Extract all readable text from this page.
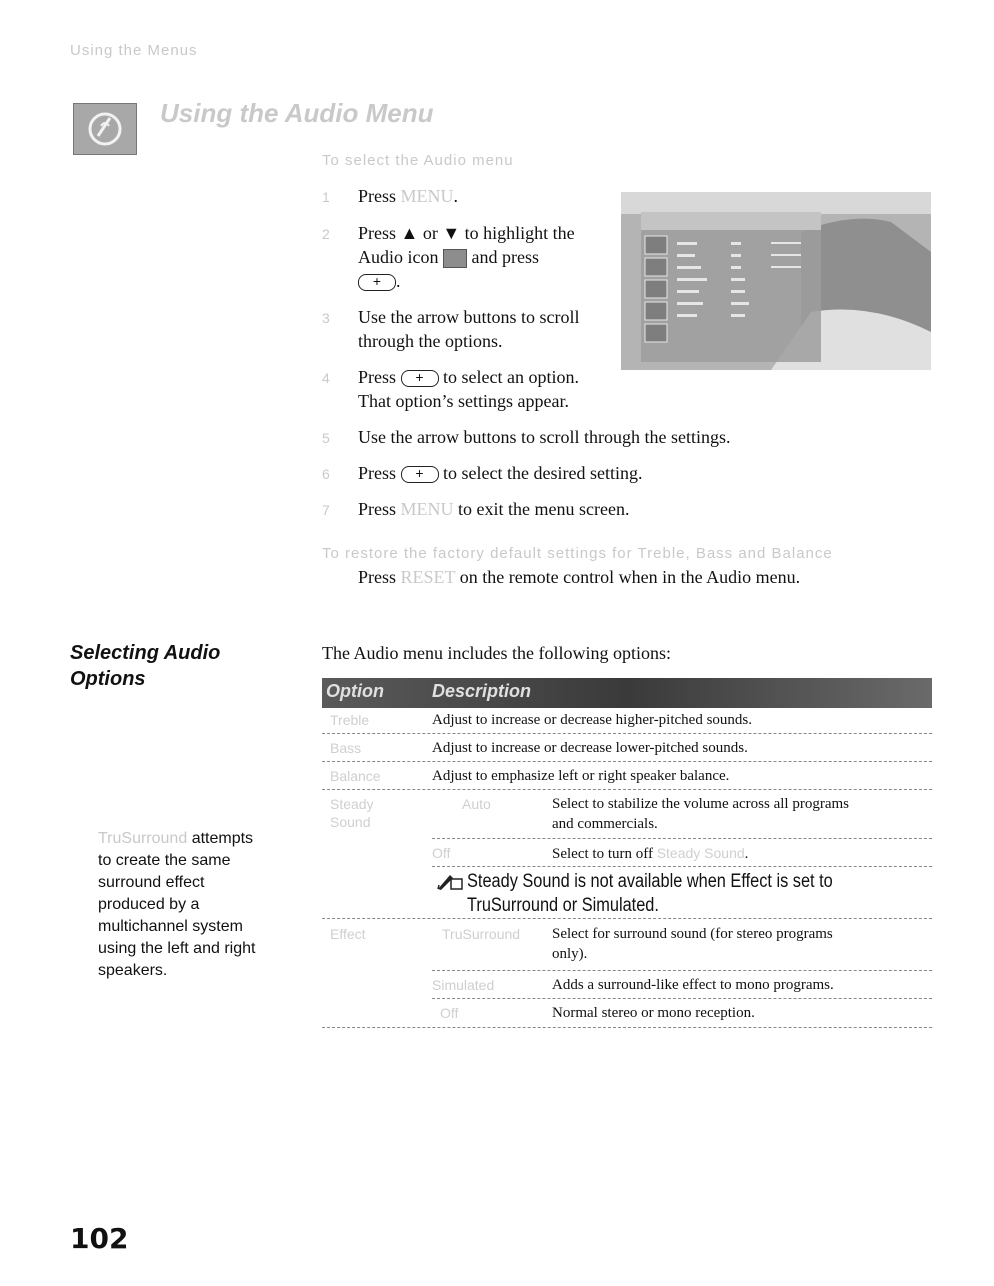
Using the Menus
Using the Audio Menu
To select the Audio menu
1 Press MENU.
2 Press ▲ or ▼ to highlight the
Audio icon and press
+ .
3 Use the arrow buttons to scroll
through the options.
4 Press + to select an option.
That option’s settings appear.
5 Use the arrow buttons to scroll through the settings.
6 Press + to select the desired setting.
7 Press MENU to exit the menu screen.
To restore the factory default settings for Treble, Bass and Balance
Press RESET on the remote control when in the Audio menu.
Selecting Audio
Options
The Audio menu includes the following options:
Option	Description
Treble	Adjust to increase or decrease higher-pitched sounds.
Bass	Adjust to increase or decrease lower-pitched sounds.
Balance	Adjust to emphasize left or right speaker balance.
Steady
Sound
Auto	Select to stabilize the volume across all programs
and commercials.
Off	Select to turn off Steady Sound.
Steady Sound is not available when Effect is set to
TruSurround or Simulated.
Effect	TruSurround Select for surround sound (for stereo programs
only).
Simulated	Adds a surround-like effect to mono programs.
Off	Normal stereo or mono reception.
TruSurround attempts
to create the same
surround effect
produced by a
multichannel system
using the left and right
speakers.
102
